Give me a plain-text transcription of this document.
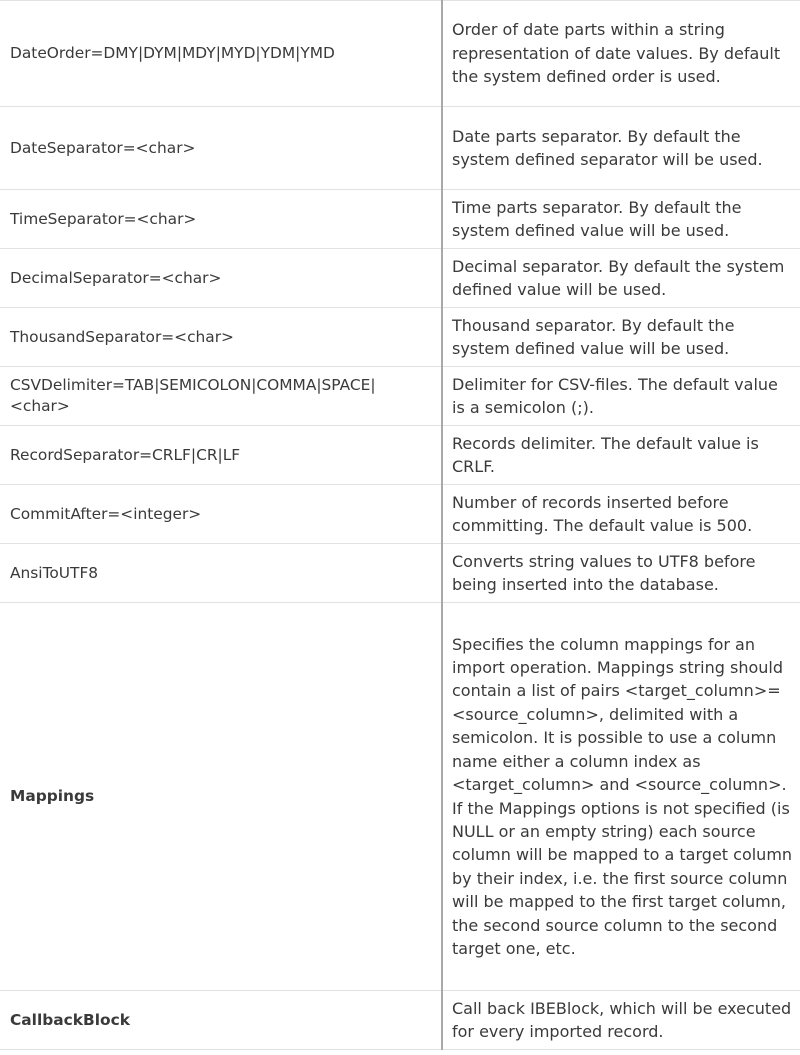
DateOrder=DMY|DYM|MDY|MYD|YDM|YMD	Order of date parts within a string representation of date values. By default the system defined order is used.
DateSeparator=<char>	Date parts separator. By default the system defined separator will be used.
TimeSeparator=<char>	Time parts separator. By default the system defined value will be used.
DecimalSeparator=<char>	Decimal separator. By default the system defined value will be used.
ThousandSeparator=<char>	Thousand separator. By default the system defined value will be used.
CSVDelimiter=TAB|SEMICOLON|COMMA|SPACE|<char>	Delimiter for CSV-files. The default value is a semicolon (;).
RecordSeparator=CRLF|CR|LF	Records delimiter. The default value is CRLF.
CommitAfter=<integer>	Number of records inserted before committing. The default value is 500.
AnsiToUTF8	Converts string values to UTF8 before being inserted into the database.
Mappings	Specifies the column mappings for an import operation. Mappings string should contain a list of pairs <target_column>=<source_column>, delimited with a semicolon. It is possible to use a column name either a column index as <target_column> and <source_column>. If the Mappings options is not specified (is NULL or an empty string) each source column will be mapped to a target column by their index, i.e. the first source column will be mapped to the first target column, the second source column to the second target one, etc.
CallbackBlock	Call back IBEBlock, which will be executed for every imported record.
